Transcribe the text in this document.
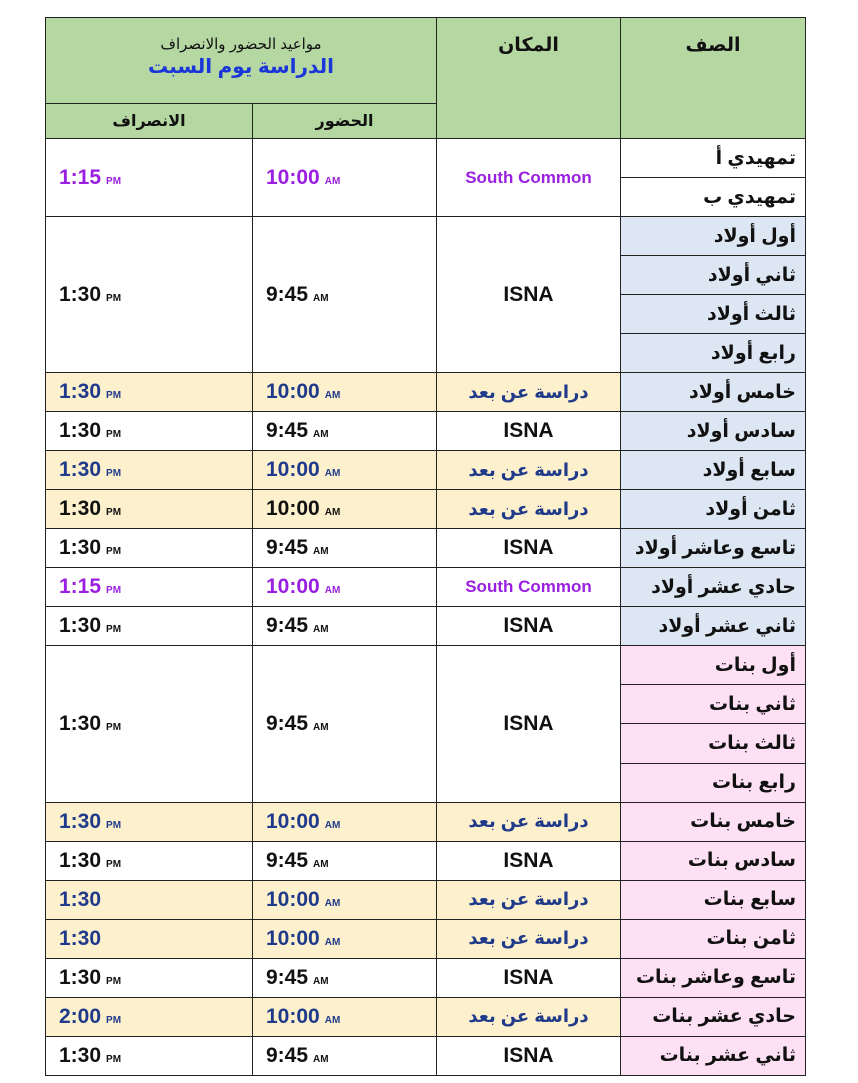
مواعيد الحضور والانصراف
الدراسة يوم السبت		المكان	الصف
الانصراف	الحضور		
1:15 PM	10:00 AM	South Common	تمهيدي أ
			تمهيدي ب
1:30 PM	9:45 AM	ISNA	أول أولاد
			ثاني أولاد
			ثالث أولاد
			رابع أولاد
1:30 PM	10:00 AM	دراسة عن بعد	خامس أولاد
1:30 PM	9:45 AM	ISNA	سادس أولاد
1:30 PM	10:00 AM	دراسة عن بعد	سابع أولاد
1:30 PM	10:00 AM	دراسة عن بعد	ثامن أولاد
1:30 PM	9:45 AM	ISNA	تاسع وعاشر أولاد
1:15 PM	10:00 AM	South Common	حادي عشر أولاد
1:30 PM	9:45 AM	ISNA	ثاني عشر أولاد
1:30 PM	9:45 AM	ISNA	أول بنات
			ثاني بنات
			ثالث بنات
			رابع بنات
1:30 PM	10:00 AM	دراسة عن بعد	خامس بنات
1:30 PM	9:45 AM	ISNA	سادس بنات
1:30	10:00 AM	دراسة عن بعد	سابع بنات
1:30	10:00 AM	دراسة عن بعد	ثامن بنات
1:30 PM	9:45 AM	ISNA	تاسع وعاشر بنات
2:00 PM	10:00 AM	دراسة عن بعد	حادي عشر بنات
1:30 PM	9:45 AM	ISNA	ثاني عشر بنات
